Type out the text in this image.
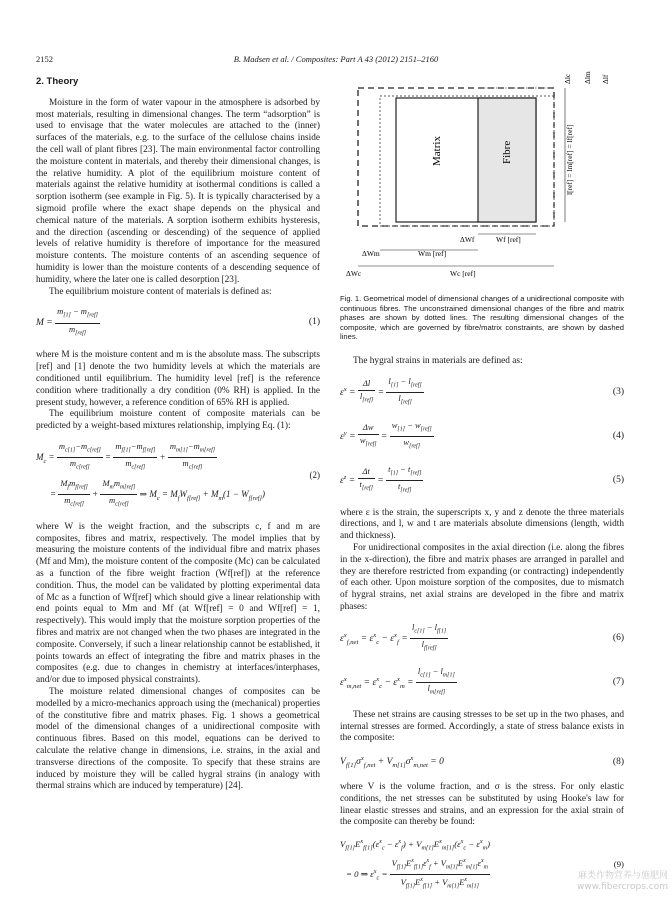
2152	B. Madsen et al. / Composites: Part A 43 (2012) 2151–2160
2. Theory

Moisture in the form of water vapour in the atmosphere is adsorbed by most materials, resulting in dimensional changes. The term “adsorption” is used to envisage that the water molecules are attached to the (inner) surfaces of the materials, e.g. to the surface of the cellulose chains inside the cell wall of plant fibres [23]. The main environmental factor controlling the moisture content in materials, and thereby their dimensional changes, is the relative humidity. A plot of the equilibrium moisture content of materials against the relative humidity at isothermal conditions is called a sorption isotherm (see example in Fig. 5). It is typically characterised by a sigmoid profile where the exact shape depends on the physical and chemical nature of the materials. A sorption isotherm exhibits hysteresis, and the direction (ascending or descending) of the sequence of applied levels of relative humidity is therefore of importance for the measured moisture contents. The moisture contents of an ascending sequence of humidity is lower than the moisture contents of a descending sequence of humidity, where the later one is called desorption [23].

The equilibrium moisture content of materials is defined as:

$M = \frac{m_{[1]} - m_{[ref]}}{m_{[ref]}}$	(1)

where M is the moisture content and m is the absolute mass. The subscripts [ref] and [1] denote the two humidity levels at which the materials are conditioned until equilibrium. The humidity level [ref] is the reference condition where traditionally a dry condition (0% RH) is applied. In the present study, however, a reference condition of 65% RH is applied.

The equilibrium moisture content of composite materials can be predicted by a weight-based mixtures relationship, implying Eq. (1):

$M_c = \frac{m_{c[1]}-m_{c[ref]}}{m_{c[ref]}} = \frac{m_{f[1]}-m_{f[ref]}}{m_{c[ref]}} + \frac{m_{m[1]}-m_{m[ref]}}{m_{c[ref]}}$
= $\frac{M_fm_{f[ref]}}{m_{c[ref]}} + \frac{M_mm_{m[ref]}}{m_{c[ref]}}$ ⇒ $M_c = M_fW_{f[ref]} + M_m(1 - W_{f[ref]})$
(2)

where W is the weight fraction, and the subscripts c, f and m are composites, fibres and matrix, respectively. The model implies that by measuring the moisture contents of the individual fibre and matrix phases (Mf and Mm), the moisture content of the composite (Mc) can be calculated as a function of the fibre weight fraction (Wf[ref]) at the reference condition. Thus, the model can be validated by plotting experimental data of Mc as a function of Wf[ref] which should give a linear relationship with end points equal to Mm and Mf (at Wf[ref] = 0 and Wf[ref] = 1, respectively). This would imply that the moisture sorption properties of the fibres and matrix are not changed when the two phases are integrated in the composite. Conversely, if such a linear relationship cannot be established, it points towards an effect of integrating the fibre and matrix phases in the composites (e.g. due to changes in chemistry at interfaces/interphases, and/or due to imposed physical constraints).

The moisture related dimensional changes of composites can be modelled by a micro-mechanics approach using the (mechanical) properties of the constitutive fibre and matrix phases. Fig. 1 shows a geometrical model of the dimensional changes of a unidirectional composite with continuous fibres. Based on this model, equations can be derived to calculate the relative change in dimensions, i.e. strains, in the axial and transverse directions of the composite. To specify that these strains are induced by moisture they will be called hygral strains (in analogy with thermal strains which are induced by temperature) [24].

Matrix	Fibre	l[ref] = lm[ref] = lf[ref]
Δlc Δlm Δlf
ΔWf	Wf [ref]
ΔWm	Wm [ref]
ΔWc	Wc [ref]
Fig. 1. Geometrical model of dimensional changes of a unidirectional composite with continuous fibres. The unconstrained dimensional changes of the fibre and matrix phases are shown by dotted lines. The resulting dimensional changes of the composite, which are governed by fibre/matrix constraints, are shown by dashed lines.

The hygral strains in materials are defined as:

$\varepsilon^x = \frac{\Delta l}{l_{[ref]}} = \frac{l_{[1]} - l_{[ref]}}{l_{[ref]}}$	(3)
$\varepsilon^y = \frac{\Delta w}{w_{[ref]}} = \frac{w_{[1]} - w_{[ref]}}{w_{[ref]}}$	(4)
$\varepsilon^z = \frac{\Delta t}{t_{[ref]}} = \frac{t_{[1]} - t_{[ref]}}{t_{[ref]}}$	(5)

where ε is the strain, the superscripts x, y and z denote the three materials directions, and l, w and t are materials absolute dimensions (length, width and thickness).

For unidirectional composites in the axial direction (i.e. along the fibres in the x-direction), the fibre and matrix phases are arranged in parallel and they are therefore restricted from expanding (or contracting) independently of each other. Upon moisture sorption of the composites, due to mismatch of hygral strains, net axial strains are developed in the fibre and matrix phases:

$\varepsilon^x_{f,net} = \varepsilon^x_c - \varepsilon^x_f = \frac{l_{c[1]} - l_{f[1]}}{l_{f[ref]}}$	(6)
$\varepsilon^x_{m,net} = \varepsilon^x_c - \varepsilon^x_m = \frac{l_{c[1]} - l_{m[1]}}{l_{m[ref]}}$	(7)

These net strains are causing stresses to be set up in the two phases, and internal stresses are formed. Accordingly, a state of stress balance exists in the composite:

$V_{f[1]}\sigma^x_{f,net} + V_{m[1]}\sigma^x_{m,net} = 0$	(8)

where V is the volume fraction, and σ is the stress. For only elastic conditions, the net stresses can be substituted by using Hooke's law for linear elastic stresses and strains, and an expression for the axial strain of the composite can thereby be found:

$V_{f[1]}E^x_{f[1]}(\varepsilon^x_c - \varepsilon^x_f) + V_{m[1]}E^x_{m[1]}(\varepsilon^x_c - \varepsilon^x_m)$
= 0 ⇒ $\varepsilon^x_c = \frac{V_{f[1]}E^x_{f[1]}\varepsilon^x_f + V_{m[1]}E^x_{m[1]}\varepsilon^x_m}{V_{f[1]}E^x_{f[1]} + V_{m[1]}E^x_{m[1]}}$	(9)
麻类作物营养与施肥网
www.fibercrops.com
